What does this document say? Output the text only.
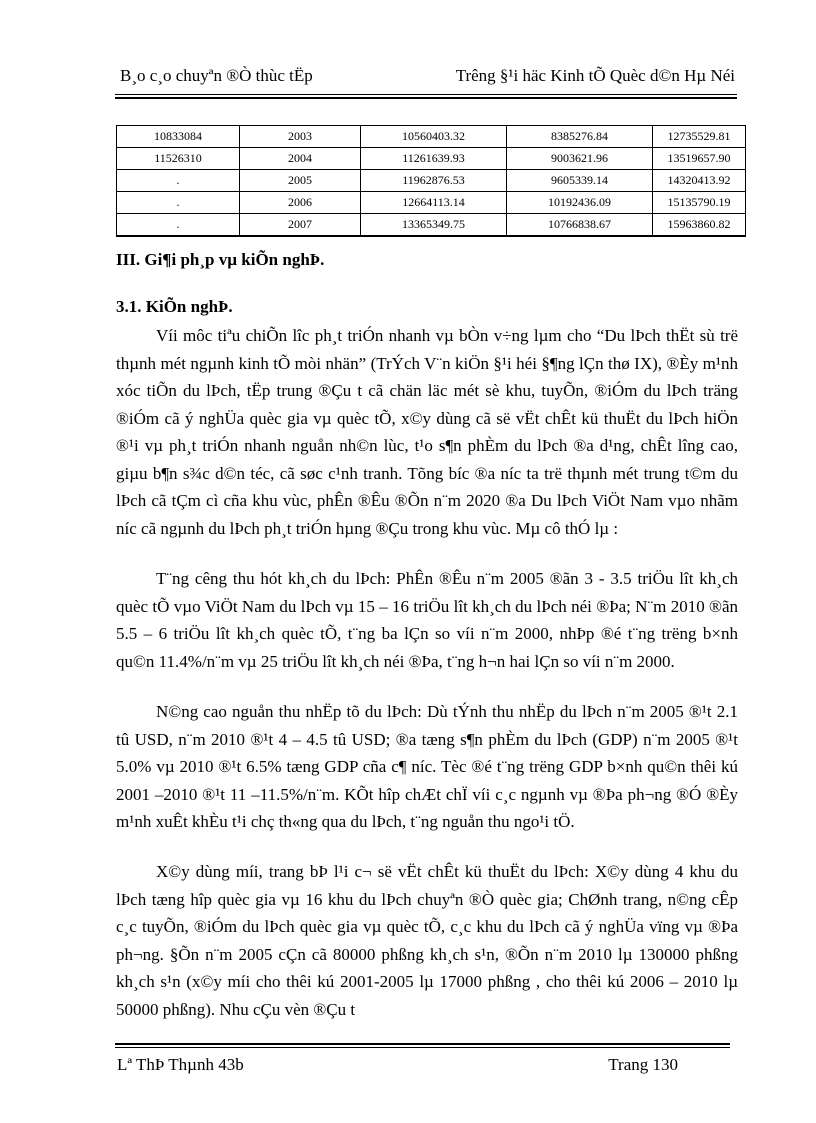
B¸o c¸o chuyªn ®Ò thùc tËp	Trêng §¹i häc Kinh tÕ Quèc d©n Hµ Néi
10833084	2003	10560403.32	8385276.84	12735529.81
11526310	2004	11261639.93	9003621.96	13519657.90
.	2005	11962876.53	9605339.14	14320413.92
.	2006	12664113.14	10192436.09	15135790.19
.	2007	13365349.75	10766838.67	15963860.82
III. Gi¶i ph¸p vµ kiÕn nghÞ.
3.1. KiÕn nghÞ.

Víi môc tiªu chiÕn lîc ph¸t triÓn nhanh vµ bÒn v÷ng lµm cho “Du lÞch thËt sù trë thµnh mét ngµnh kinh tÕ mòi nhän” (TrÝch V¨n kiÖn §¹i héi §¶ng lÇn thø IX), ®Èy m¹nh xóc tiÕn du lÞch, tËp trung ®Çu t cã chän läc mét sè khu, tuyÕn, ®iÓm du lÞch träng ®iÓm cã ý nghÜa quèc gia vµ quèc tÕ, x©y dùng cã së vËt chÊt kü thuËt du lÞch hiÖn ®¹i vµ ph¸t triÓn nhanh nguån nh©n lùc, t¹o s¶n phÈm du lÞch ®a d¹ng, chÊt lîng cao, giµu b¶n s¾c d©n téc, cã søc c¹nh tranh. Tõng bíc ®a níc ta trë thµnh mét trung t©m du lÞch cã tÇm cì cña khu vùc, phÊn ®Êu ®Õn n¨m 2020 ®a Du lÞch ViÖt Nam vµo nhãm níc cã ngµnh du lÞch ph¸t triÓn hµng ®Çu trong khu vùc. Mµ cô thÓ lµ :

T¨ng cêng thu hót kh¸ch du lÞch: PhÊn ®Êu n¨m 2005 ®ãn 3 - 3.5 triÖu lît kh¸ch quèc tÕ vµo ViÖt Nam du lÞch vµ 15 – 16 triÖu lît kh¸ch du lÞch néi ®Þa; N¨m 2010 ®ãn 5.5 – 6 triÖu lît kh¸ch quèc tÕ, t¨ng ba lÇn so víi n¨m 2000, nhÞp ®é t¨ng trëng b×nh qu©n 11.4%/n¨m vµ 25 triÖu lît kh¸ch néi ®Þa, t¨ng h¬n hai lÇn so víi n¨m 2000.

N©ng cao nguån thu nhËp tõ du lÞch: Dù tÝnh thu nhËp du lÞch n¨m 2005 ®¹t 2.1 tû USD, n¨m 2010 ®¹t 4 – 4.5 tû USD; ®a tæng s¶n phÈm du lÞch (GDP) n¨m 2005 ®¹t 5.0% vµ 2010 ®¹t 6.5% tæng GDP cña c¶ níc. Tèc ®é t¨ng trëng GDP b×nh qu©n thêi kú 2001 –2010 ®¹t 11 –11.5%/n¨m. KÕt hîp chÆt chÏ víi c¸c ngµnh vµ ®Þa ph¬ng ®Ó ®Èy m¹nh xuÊt khÈu t¹i chç th«ng qua du lÞch, t¨ng nguån thu ngo¹i tÖ.

X©y dùng míi, trang bÞ l¹i c¬ së vËt chÊt kü thuËt du lÞch: X©y dùng 4 khu du lÞch tæng hîp quèc gia vµ 16 khu du lÞch chuyªn ®Ò quèc gia; ChØnh trang, n©ng cÊp c¸c tuyÕn, ®iÓm du lÞch quèc gia vµ quèc tÕ, c¸c khu du lÞch cã ý nghÜa vïng vµ ®Þa ph¬ng. §Õn n¨m 2005 cÇn cã 80000 phßng kh¸ch s¹n, ®Õn n¨m 2010 lµ 130000 phßng kh¸ch s¹n (x©y míi cho thêi kú 2001-2005 lµ 17000 phßng , cho thêi kú 2006 – 2010 lµ 50000 phßng). Nhu cÇu vèn ®Çu t

Lª ThÞ Thµnh 43b	Trang 130
